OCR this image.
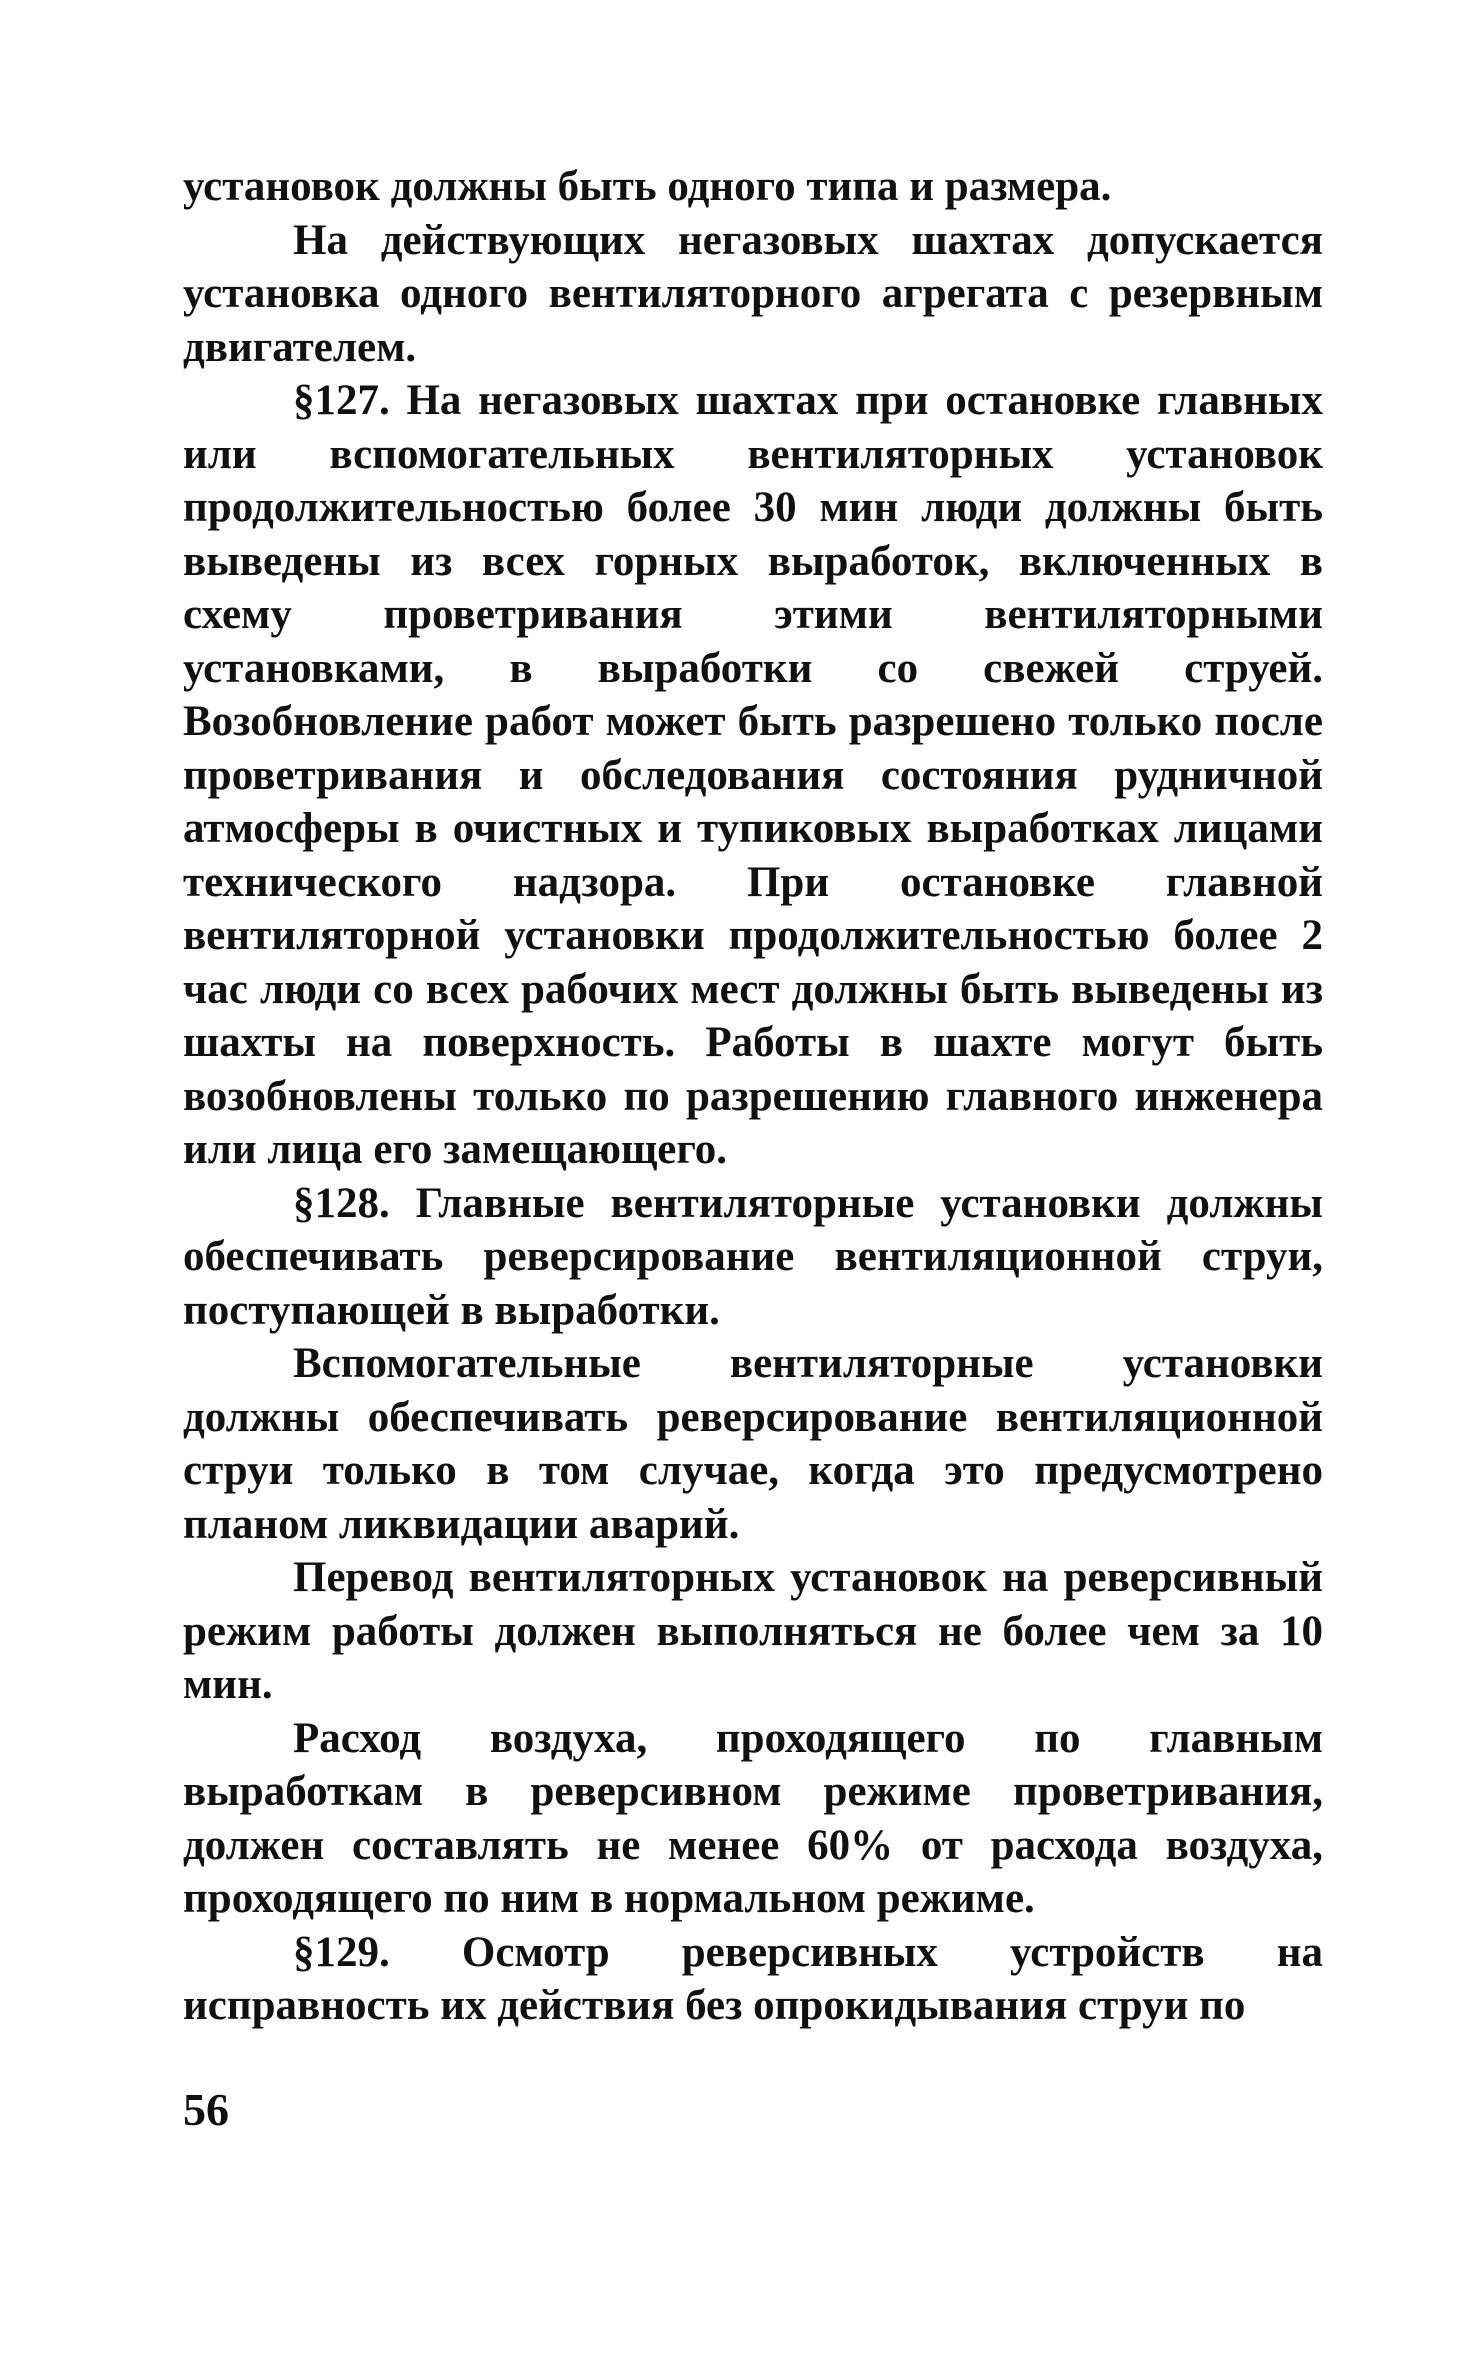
установок должны быть одного типа и размера.

На действующих негазовых шахтах допускается установка одного вентиляторного агрегата с резервным двигателем.

§127. На негазовых шахтах при остановке главных или вспомогательных вентиляторных установок продолжительностью более 30 мин люди должны быть выведены из всех горных выработок, включенных в схему проветривания этими вентиляторными установками, в выработки со свежей струей. Возобновление работ может быть разрешено только после проветривания и обследования состояния рудничной атмосферы в очистных и тупиковых выработках лицами технического надзора. При остановке главной вентиляторной установки продолжительностью более 2 час люди со всех рабочих мест должны быть выведены из шахты на поверхность. Работы в шахте могут быть возобновлены только по разрешению главного инженера или лица его замещающего.

§128. Главные вентиляторные установки должны обеспечивать реверсирование вентиляционной струи, поступающей в выработки.

Вспомогательные вентиляторные установки должны обеспечивать реверсирование вентиляционной струи только в том случае, когда это предусмотрено планом ликвидации аварий.

Перевод вентиляторных установок на реверсивный режим работы должен выполняться не более чем за 10 мин.

Расход воздуха, проходящего по главным выработкам в реверсивном режиме проветривания, должен составлять не менее 60% от расхода воздуха, проходящего по ним в нормальном режиме.

§129. Осмотр реверсивных устройств на исправность их действия без опрокидывания струи по

56
